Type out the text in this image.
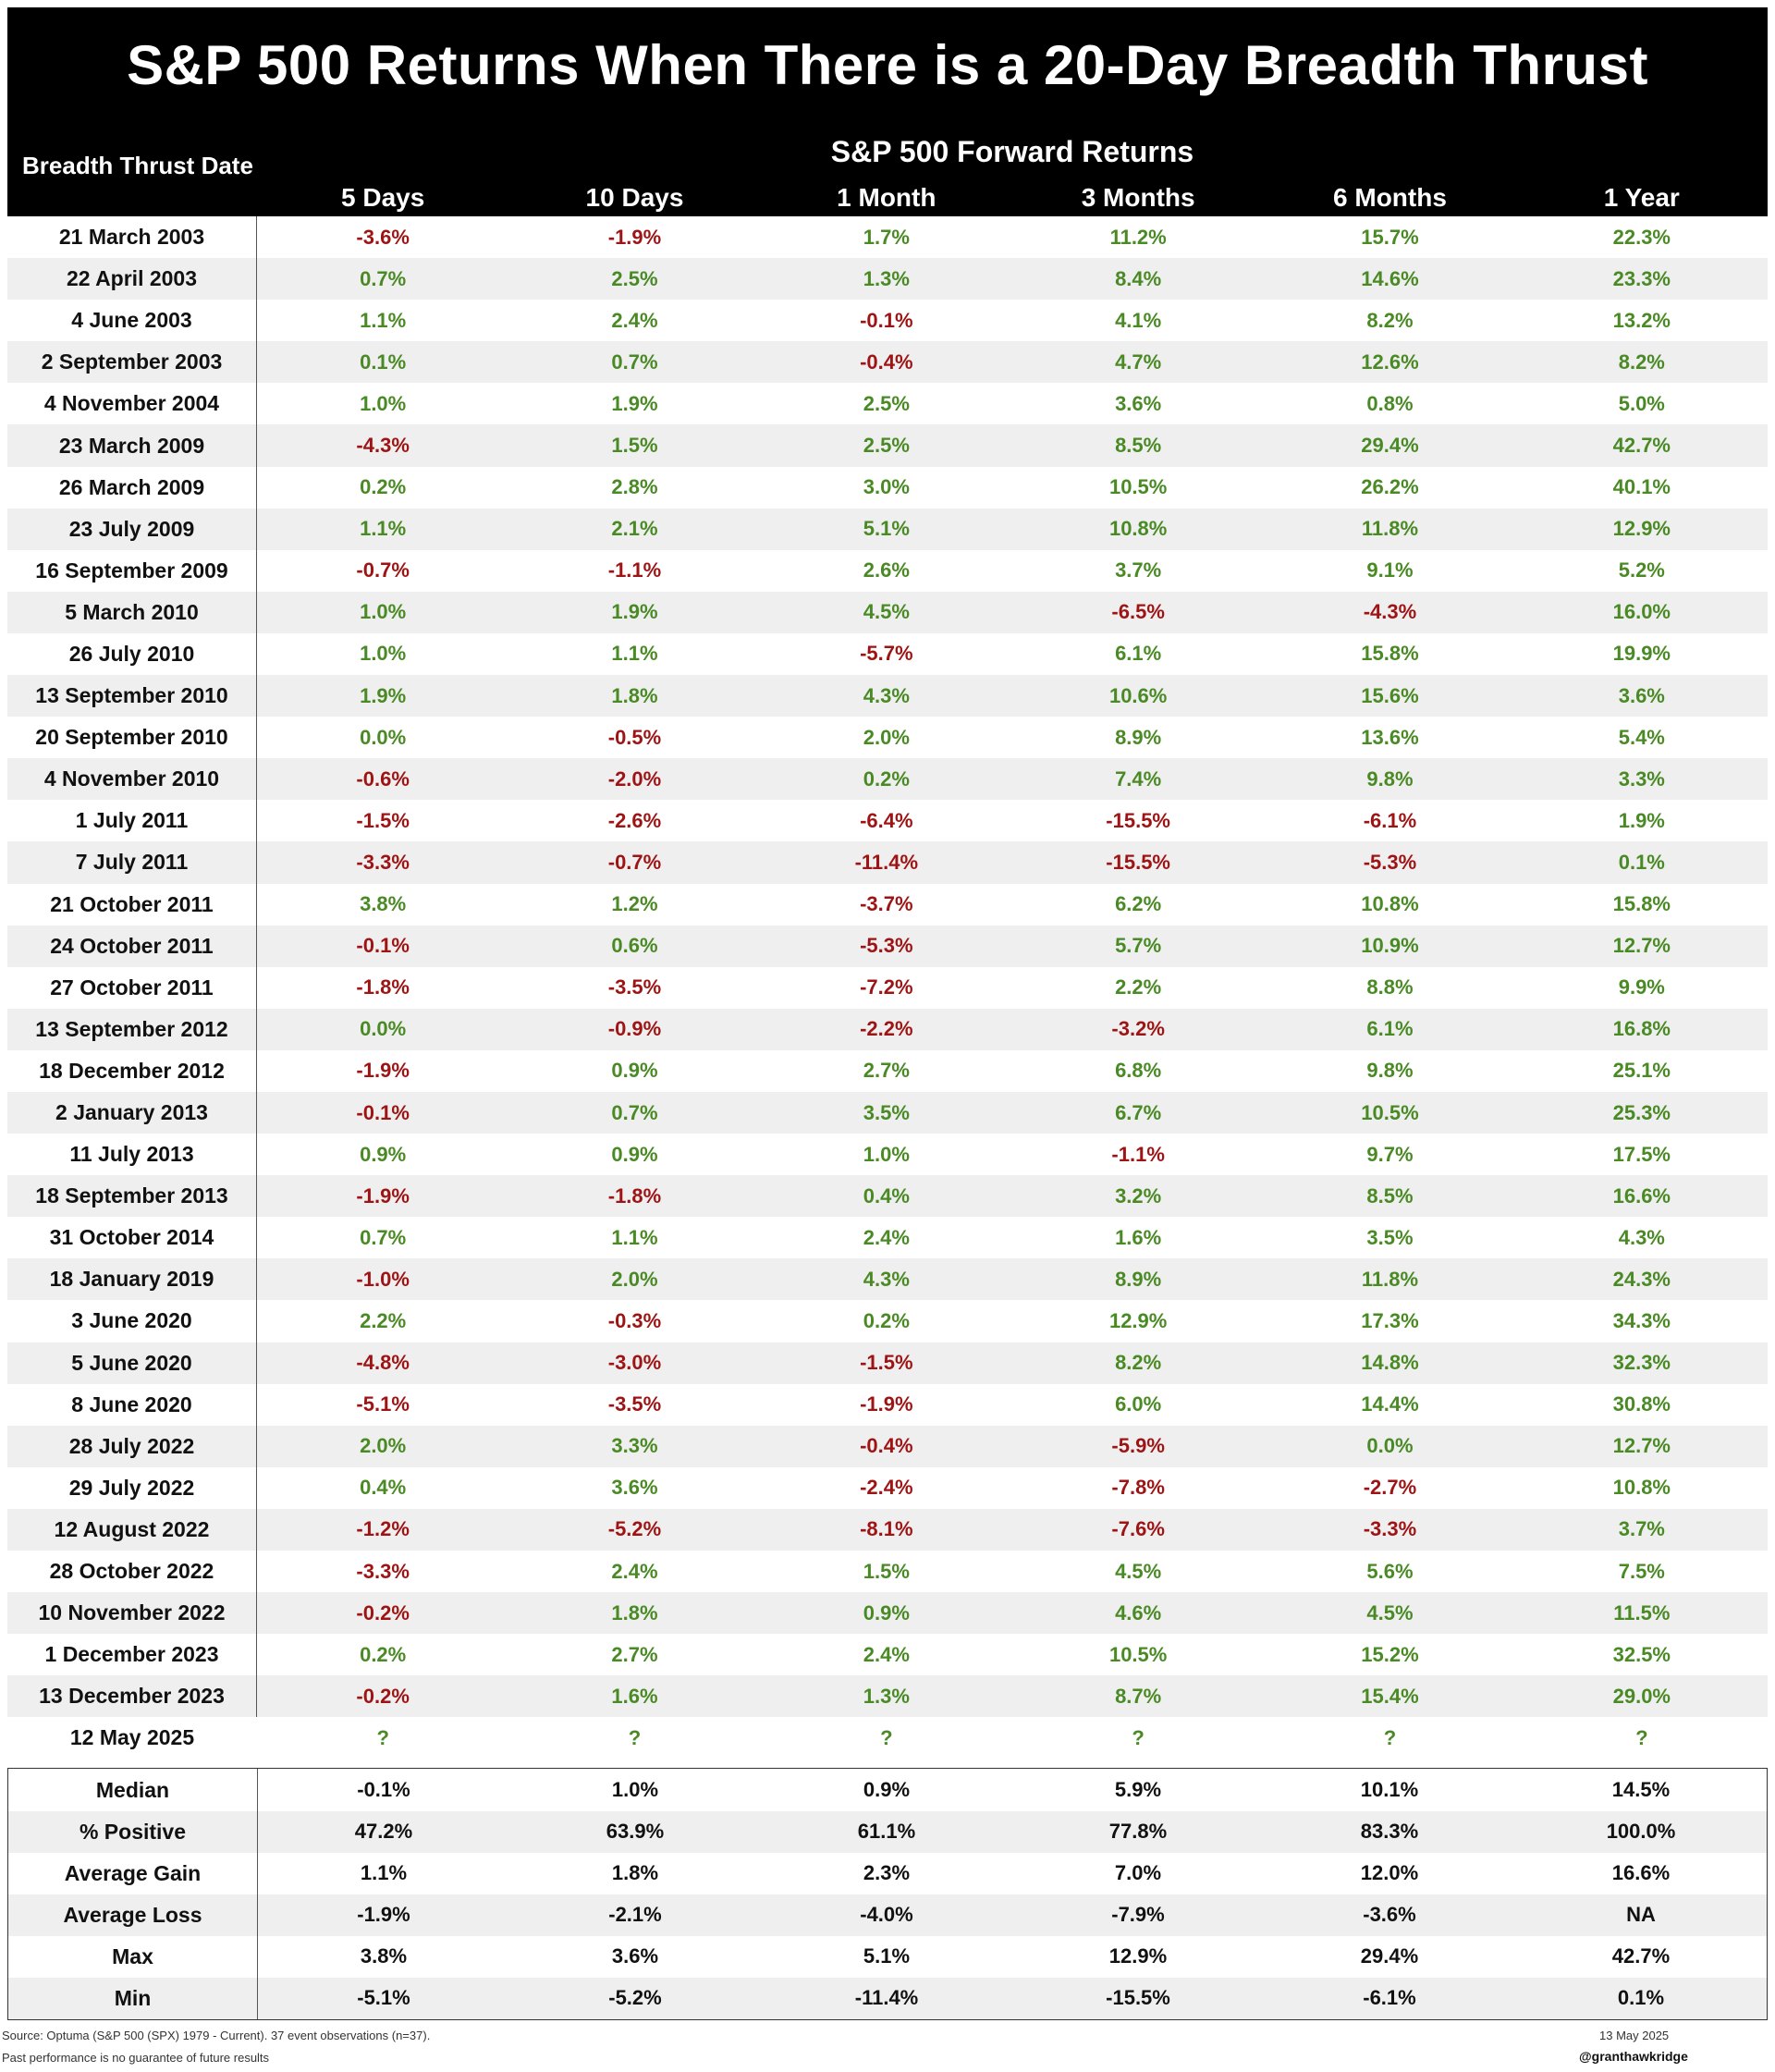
S&P 500 Returns When There is a 20-Day Breadth Thrust
Breadth Thrust Date	S&P 500 Forward Returns
5 Days	10 Days	1 Month	3 Months	6 Months	1 Year
21 March 2003	-3.6%	-1.9%	1.7%	11.2%	15.7%	22.3%
22 April 2003	0.7%	2.5%	1.3%	8.4%	14.6%	23.3%
4 June 2003	1.1%	2.4%	-0.1%	4.1%	8.2%	13.2%
2 September 2003	0.1%	0.7%	-0.4%	4.7%	12.6%	8.2%
4 November 2004	1.0%	1.9%	2.5%	3.6%	0.8%	5.0%
23 March 2009	-4.3%	1.5%	2.5%	8.5%	29.4%	42.7%
26 March 2009	0.2%	2.8%	3.0%	10.5%	26.2%	40.1%
23 July 2009	1.1%	2.1%	5.1%	10.8%	11.8%	12.9%
16 September 2009	-0.7%	-1.1%	2.6%	3.7%	9.1%	5.2%
5 March 2010	1.0%	1.9%	4.5%	-6.5%	-4.3%	16.0%
26 July 2010	1.0%	1.1%	-5.7%	6.1%	15.8%	19.9%
13 September 2010	1.9%	1.8%	4.3%	10.6%	15.6%	3.6%
20 September 2010	0.0%	-0.5%	2.0%	8.9%	13.6%	5.4%
4 November 2010	-0.6%	-2.0%	0.2%	7.4%	9.8%	3.3%
1 July 2011	-1.5%	-2.6%	-6.4%	-15.5%	-6.1%	1.9%
7 July 2011	-3.3%	-0.7%	-11.4%	-15.5%	-5.3%	0.1%
21 October 2011	3.8%	1.2%	-3.7%	6.2%	10.8%	15.8%
24 October 2011	-0.1%	0.6%	-5.3%	5.7%	10.9%	12.7%
27 October 2011	-1.8%	-3.5%	-7.2%	2.2%	8.8%	9.9%
13 September 2012	0.0%	-0.9%	-2.2%	-3.2%	6.1%	16.8%
18 December 2012	-1.9%	0.9%	2.7%	6.8%	9.8%	25.1%
2 January 2013	-0.1%	0.7%	3.5%	6.7%	10.5%	25.3%
11 July 2013	0.9%	0.9%	1.0%	-1.1%	9.7%	17.5%
18 September 2013	-1.9%	-1.8%	0.4%	3.2%	8.5%	16.6%
31 October 2014	0.7%	1.1%	2.4%	1.6%	3.5%	4.3%
18 January 2019	-1.0%	2.0%	4.3%	8.9%	11.8%	24.3%
3 June 2020	2.2%	-0.3%	0.2%	12.9%	17.3%	34.3%
5 June 2020	-4.8%	-3.0%	-1.5%	8.2%	14.8%	32.3%
8 June 2020	-5.1%	-3.5%	-1.9%	6.0%	14.4%	30.8%
28 July 2022	2.0%	3.3%	-0.4%	-5.9%	0.0%	12.7%
29 July 2022	0.4%	3.6%	-2.4%	-7.8%	-2.7%	10.8%
12 August 2022	-1.2%	-5.2%	-8.1%	-7.6%	-3.3%	3.7%
28 October 2022	-3.3%	2.4%	1.5%	4.5%	5.6%	7.5%
10 November 2022	-0.2%	1.8%	0.9%	4.6%	4.5%	11.5%
1 December 2023	0.2%	2.7%	2.4%	10.5%	15.2%	32.5%
13 December 2023	-0.2%	1.6%	1.3%	8.7%	15.4%	29.0%
12 May 2025	?	?	?	?	?	?
Median	-0.1%	1.0%	0.9%	5.9%	10.1%	14.5%
% Positive	47.2%	63.9%	61.1%	77.8%	83.3%	100.0%
Average Gain	1.1%	1.8%	2.3%	7.0%	12.0%	16.6%
Average Loss	-1.9%	-2.1%	-4.0%	-7.9%	-3.6%	NA
Max	3.8%	3.6%	5.1%	12.9%	29.4%	42.7%
Min	-5.1%	-5.2%	-11.4%	-15.5%	-6.1%	0.1%
Source: Optuma (S&P 500 (SPX) 1979 - Current). 37 event observations (n=37).
Past performance is no guarantee of future results
13 May 2025
@granthawkridge
